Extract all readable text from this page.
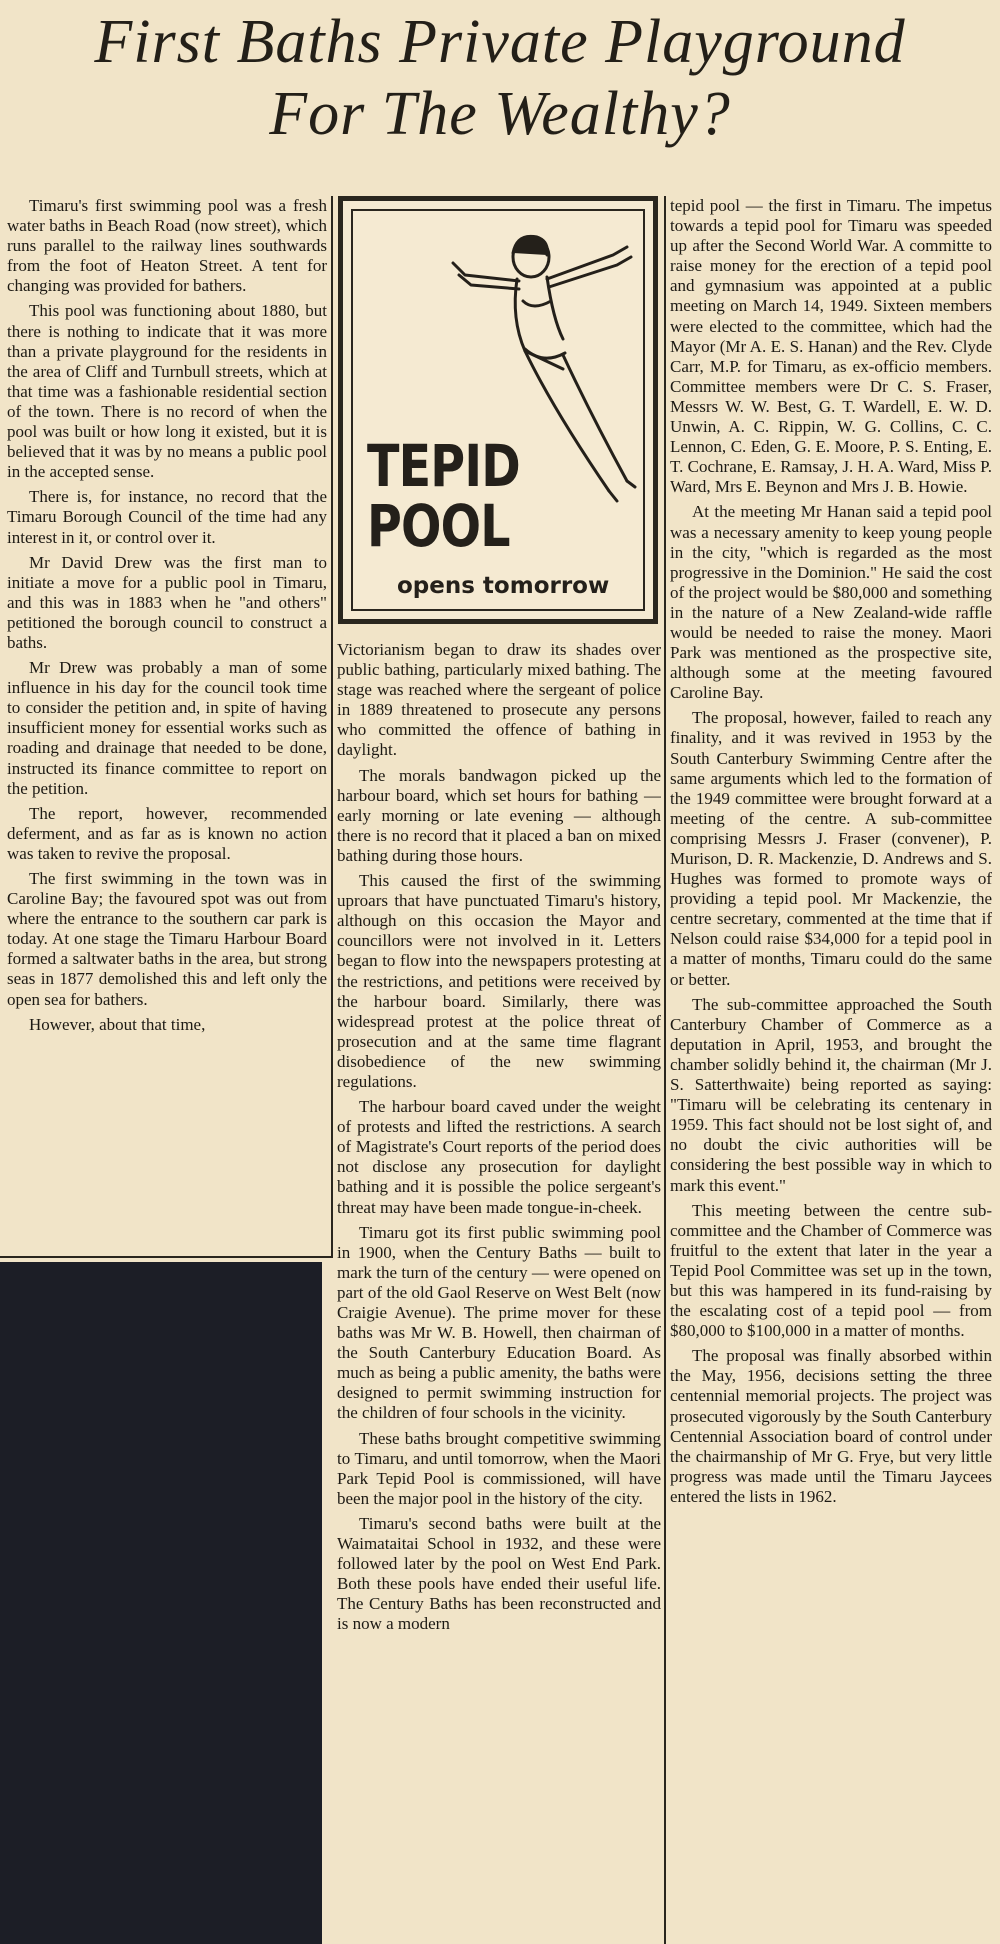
First Baths Private Playground
For The Wealthy?

Timaru's first swimming pool was a fresh water baths in Beach Road (now street), which runs parallel to the railway lines southwards from the foot of Heaton Street. A tent for changing was provided for bathers.

This pool was functioning about 1880, but there is nothing to indicate that it was more than a private playground for the residents in the area of Cliff and Turnbull streets, which at that time was a fashionable residential section of the town. There is no record of when the pool was built or how long it existed, but it is believed that it was by no means a public pool in the accepted sense.

There is, for instance, no record that the Timaru Borough Council of the time had any interest in it, or control over it.

Mr David Drew was the first man to initiate a move for a public pool in Timaru, and this was in 1883 when he "and others" petitioned the borough council to construct a baths.

Mr Drew was probably a man of some influence in his day for the council took time to consider the petition and, in spite of having insufficient money for essential works such as roading and drainage that needed to be done, instructed its finance committee to report on the petition.

The report, however, recommended deferment, and as far as is known no action was taken to revive the proposal.

The first swimming in the town was in Caroline Bay; the favoured spot was out from where the entrance to the southern car park is today. At one stage the Timaru Harbour Board formed a saltwater baths in the area, but strong seas in 1877 demolished this and left only the open sea for bathers.

However, about that time,

TEPID
POOL
opens tomorrow

Victorianism began to draw its shades over public bathing, particularly mixed bathing. The stage was reached where the sergeant of police in 1889 threatened to prosecute any persons who committed the offence of bathing in daylight.

The morals bandwagon picked up the harbour board, which set hours for bathing — early morning or late evening — although there is no record that it placed a ban on mixed bathing during those hours.

This caused the first of the swimming uproars that have punctuated Timaru's history, although on this occasion the Mayor and councillors were not involved in it. Letters began to flow into the newspapers protesting at the restrictions, and petitions were received by the harbour board. Similarly, there was widespread protest at the police threat of prosecution and at the same time flagrant disobedience of the new swimming regulations.

The harbour board caved under the weight of protests and lifted the restrictions. A search of Magistrate's Court reports of the period does not disclose any prosecution for daylight bathing and it is possible the police sergeant's threat may have been made tongue-in-cheek.

Timaru got its first public swimming pool in 1900, when the Century Baths — built to mark the turn of the century — were opened on part of the old Gaol Reserve on West Belt (now Craigie Avenue). The prime mover for these baths was Mr W. B. Howell, then chairman of the South Canterbury Education Board. As much as being a public amenity, the baths were designed to permit swimming instruction for the children of four schools in the vicinity.

These baths brought competitive swimming to Timaru, and until tomorrow, when the Maori Park Tepid Pool is commissioned, will have been the major pool in the history of the city.

Timaru's second baths were built at the Waimataitai School in 1932, and these were followed later by the pool on West End Park. Both these pools have ended their useful life. The Century Baths has been reconstructed and is now a modern

tepid pool — the first in Timaru. The impetus towards a tepid pool for Timaru was speeded up after the Second World War. A committe to raise money for the erection of a tepid pool and gymnasium was appointed at a public meeting on March 14, 1949. Sixteen members were elected to the committee, which had the Mayor (Mr A. E. S. Hanan) and the Rev. Clyde Carr, M.P. for Timaru, as ex-officio members. Committee members were Dr C. S. Fraser, Messrs W. W. Best, G. T. Wardell, E. W. D. Unwin, A. C. Rippin, W. G. Collins, C. C. Lennon, C. Eden, G. E. Moore, P. S. Enting, E. T. Cochrane, E. Ramsay, J. H. A. Ward, Miss P. Ward, Mrs E. Beynon and Mrs J. B. Howie.

At the meeting Mr Hanan said a tepid pool was a necessary amenity to keep young people in the city, "which is regarded as the most progressive in the Dominion." He said the cost of the project would be $80,000 and something in the nature of a New Zealand-wide raffle would be needed to raise the money. Maori Park was mentioned as the prospective site, although some at the meeting favoured Caroline Bay.

The proposal, however, failed to reach any finality, and it was revived in 1953 by the South Canterbury Swimming Centre after the same arguments which led to the formation of the 1949 committee were brought forward at a meeting of the centre. A sub-committee comprising Messrs J. Fraser (convener), P. Murison, D. R. Mackenzie, D. Andrews and S. Hughes was formed to promote ways of providing a tepid pool. Mr Mackenzie, the centre secretary, commented at the time that if Nelson could raise $34,000 for a tepid pool in a matter of months, Timaru could do the same or better.

The sub-committee approached the South Canterbury Chamber of Commerce as a deputation in April, 1953, and brought the chamber solidly behind it, the chairman (Mr J. S. Satterthwaite) being reported as saying: "Timaru will be celebrating its centenary in 1959. This fact should not be lost sight of, and no doubt the civic authorities will be considering the best possible way in which to mark this event."

This meeting between the centre sub-committee and the Chamber of Commerce was fruitful to the extent that later in the year a Tepid Pool Committee was set up in the town, but this was hampered in its fund-raising by the escalating cost of a tepid pool — from $80,000 to $100,000 in a matter of months.

The proposal was finally absorbed within the May, 1956, decisions setting the three centennial memorial projects. The project was prosecuted vigorously by the South Canterbury Centennial Association board of control under the chairmanship of Mr G. Frye, but very little progress was made until the Timaru Jaycees entered the lists in 1962.
